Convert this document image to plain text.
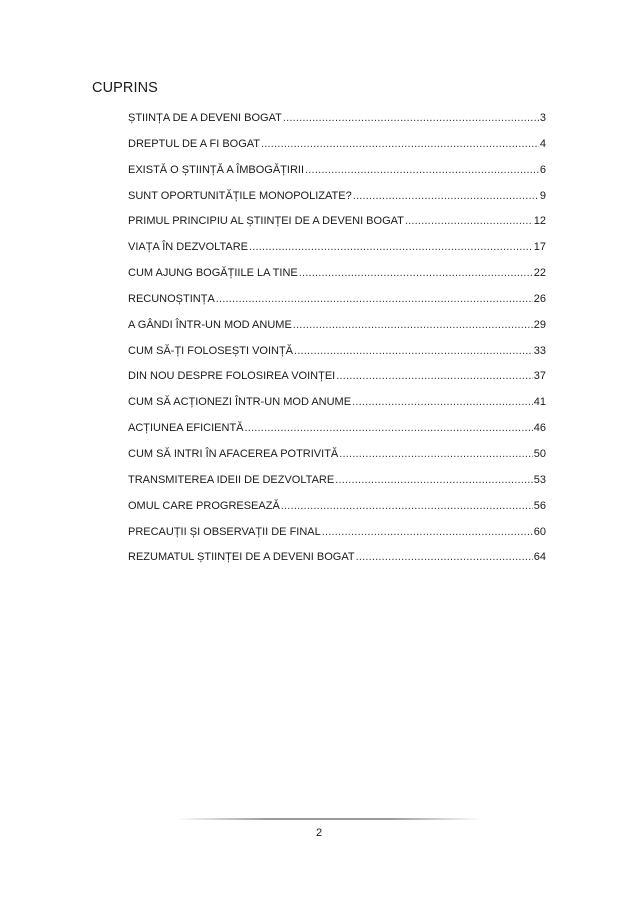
CUPRINS
ȘTIINȚA DE A DEVENI BOGAT .....	3
DREPTUL DE A FI BOGAT .....	4
EXISTĂ O ȘTIINȚĂ A ÎMBOGĂȚIRII .....	6
SUNT OPORTUNITĂȚILE MONOPOLIZATE? .....	9
PRIMUL PRINCIPIU AL ȘTIINȚEI DE A DEVENI BOGAT .....	12
VIAȚA ÎN DEZVOLTARE .....	17
CUM AJUNG BOGĂȚIILE LA TINE .....	22
RECUNOȘTINȚA .....	26
A GÂNDI ÎNTR-UN MOD ANUME .....	29
CUM SĂ-ȚI FOLOSEȘTI VOINȚĂ .....	33
DIN NOU DESPRE FOLOSIREA VOINȚEI .....	37
CUM SĂ ACȚIONEZI ÎNTR-UN MOD ANUME .....	41
ACȚIUNEA EFICIENTĂ .....	46
CUM SĂ INTRI ÎN AFACEREA POTRIVITĂ .....	50
TRANSMITEREA IDEII DE DEZVOLTARE .....	53
OMUL CARE PROGRESEAZĂ .....	56
PRECAUȚII ȘI OBSERVAȚII DE FINAL .....	60
REZUMATUL ȘTIINȚEI DE A DEVENI BOGAT .....	64
2
